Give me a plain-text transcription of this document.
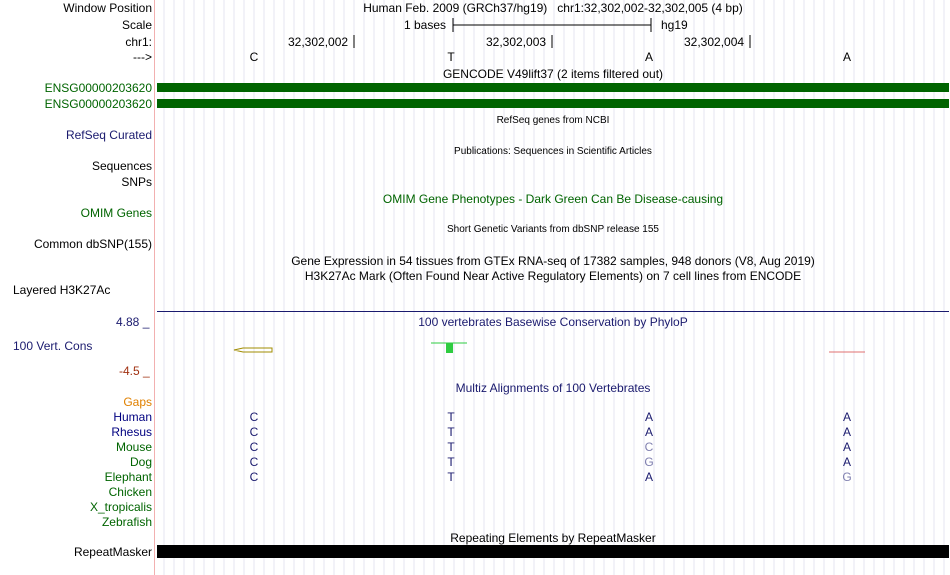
Window Position	Human Feb. 2009 (GRCh37/hg19)   chr1:32,302,002-32,302,005 (4 bp)
Scale	1 bases	hg19
chr1:	32,302,002	32,302,003	32,302,004
--->	C	T	A	A
GENCODE V49lift37 (2 items filtered out)
ENSG00000203620
ENSG00000203620
RefSeq Curated
RefSeq genes from NCBI
Publications: Sequences in Scientific Articles
Sequences
SNPs
OMIM Gene Phenotypes - Dark Green Can Be Disease-causing
OMIM Genes
Short Genetic Variants from dbSNP release 155
Common dbSNP(155)
Gene Expression in 54 tissues from GTEx RNA-seq of 17382 samples, 948 donors (V8, Aug 2019)
H3K27Ac Mark (Often Found Near Active Regulatory Elements) on 7 cell lines from ENCODE
Layered H3K27Ac
4.88 _	100 vertebrates Basewise Conservation by PhyloP
100 Vert. Cons
-4.5 _
Multiz Alignments of 100 Vertebrates
Gaps
Human	C	T	A	A
Rhesus	C	T	A	A
Mouse	C	T	C	A
Dog	C	T	G	A
Elephant	C	T	A	G
Chicken
X_tropicalis
Zebrafish
Repeating Elements by RepeatMasker
RepeatMasker
